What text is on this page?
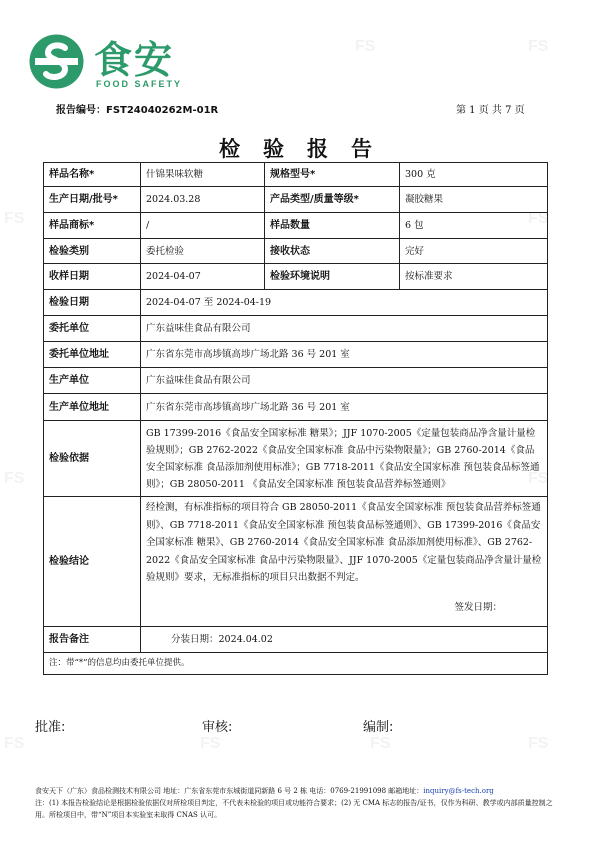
FS	FS
FS	FS
FS	FS
FS	FS	FS	FS
食安
FOOD SAFETY
报告编号：FST24040262M-01R	第 1 页 共 7 页
检验报告
样品名称*	什锦果味软糖	规格型号*	300 克
生产日期/批号*	2024.03.28	产品类型/质量等级*	凝胶糖果
样品商标*	/	样品数量	6 包
检验类别	委托检验	接收状态	完好
收样日期	2024-04-07	检验环境说明	按标准要求
检验日期	2024-04-07 至 2024-04-19		
委托单位	广东益味佳食品有限公司		
委托单位地址	广东省东莞市高埗镇高埗广场北路 36 号 201 室		
生产单位	广东益味佳食品有限公司		
生产单位地址	广东省东莞市高埗镇高埗广场北路 36 号 201 室		
检验依据	GB 17399-2016《食品安全国家标准 糖果》；JJF 1070-2005《定量包装商品净含量计量检验规则》；GB 2762-2022《食品安全国家标准 食品中污染物限量》；GB 2760-2014《食品安全国家标准 食品添加剂使用标准》；GB 7718-2011《食品安全国家标准 预包装食品标签通则》；GB 28050-2011 《食品安全国家标准 预包装食品营养标签通则》		
检验结论	经检测，有标准指标的项目符合 GB 28050-2011《食品安全国家标准 预包装食品营养标签通则》、GB 7718-2011《食品安全国家标准 预包装食品标签通则》、GB 17399-2016《食品安全国家标准 糖果》、GB 2760-2014《食品安全国家标准 食品添加剂使用标准》、GB 2762-2022《食品安全国家标准 食品中污染物限量》、JJF 1070-2005《定量包装商品净含量计量检验规则》要求，无标准指标的项目只出数据不判定。
签发日期：		

报告备注	分装日期：2024.04.02		
注：带“*”的信息均由委托单位提供。			
批准:	审核:	编制:
食安天下（广东）食品检测技术有限公司 地址：广东省东莞市东城街道同新路 6 号 2 栋 电话：0769-21991098 邮箱地址：inquiry@fs-tech.org
注：(1) 本报告检验结论是根据检验依据仅对所检项目判定，不代表未检验的项目或功能符合要求；(2) 无 CMA 标志的报告/证书，仅作为科研、教学或内部质量控制之用。所检项目中，带“N”项目本实验室未取得 CNAS 认可。
